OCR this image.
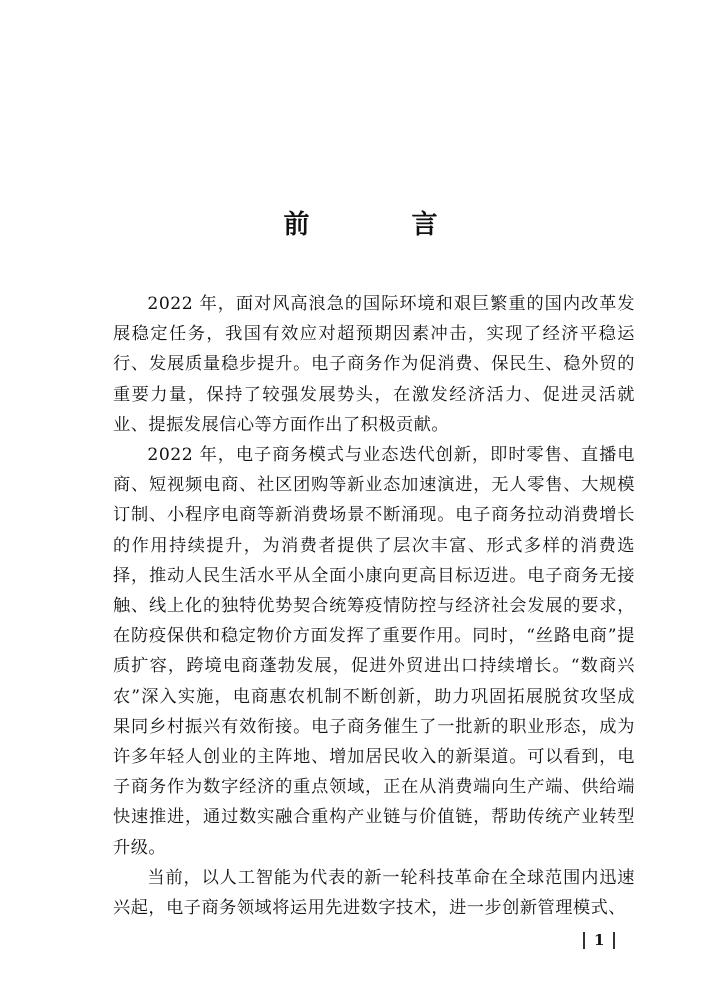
前　言

2022 年，面对风高浪急的国际环境和艰巨繁重的国内改革发展稳定任务，我国有效应对超预期因素冲击，实现了经济平稳运行、发展质量稳步提升。电子商务作为促消费、保民生、稳外贸的重要力量，保持了较强发展势头，在激发经济活力、促进灵活就业、提振发展信心等方面作出了积极贡献。

2022 年，电子商务模式与业态迭代创新，即时零售、直播电商、短视频电商、社区团购等新业态加速演进，无人零售、大规模订制、小程序电商等新消费场景不断涌现。电子商务拉动消费增长的作用持续提升，为消费者提供了层次丰富、形式多样的消费选择，推动人民生活水平从全面小康向更高目标迈进。电子商务无接触、线上化的独特优势契合统筹疫情防控与经济社会发展的要求，在防疫保供和稳定物价方面发挥了重要作用。同时，“丝路电商”提质扩容，跨境电商蓬勃发展，促进外贸进出口持续增长。“数商兴农”深入实施，电商惠农机制不断创新，助力巩固拓展脱贫攻坚成果同乡村振兴有效衔接。电子商务催生了一批新的职业形态，成为许多年轻人创业的主阵地、增加居民收入的新渠道。可以看到，电子商务作为数字经济的重点领域，正在从消费端向生产端、供给端快速推进，通过数实融合重构产业链与价值链，帮助传统产业转型升级。

当前，以人工智能为代表的新一轮科技革命在全球范围内迅速兴起，电子商务领域将运用先进数字技术，进一步创新管理模式、

1
